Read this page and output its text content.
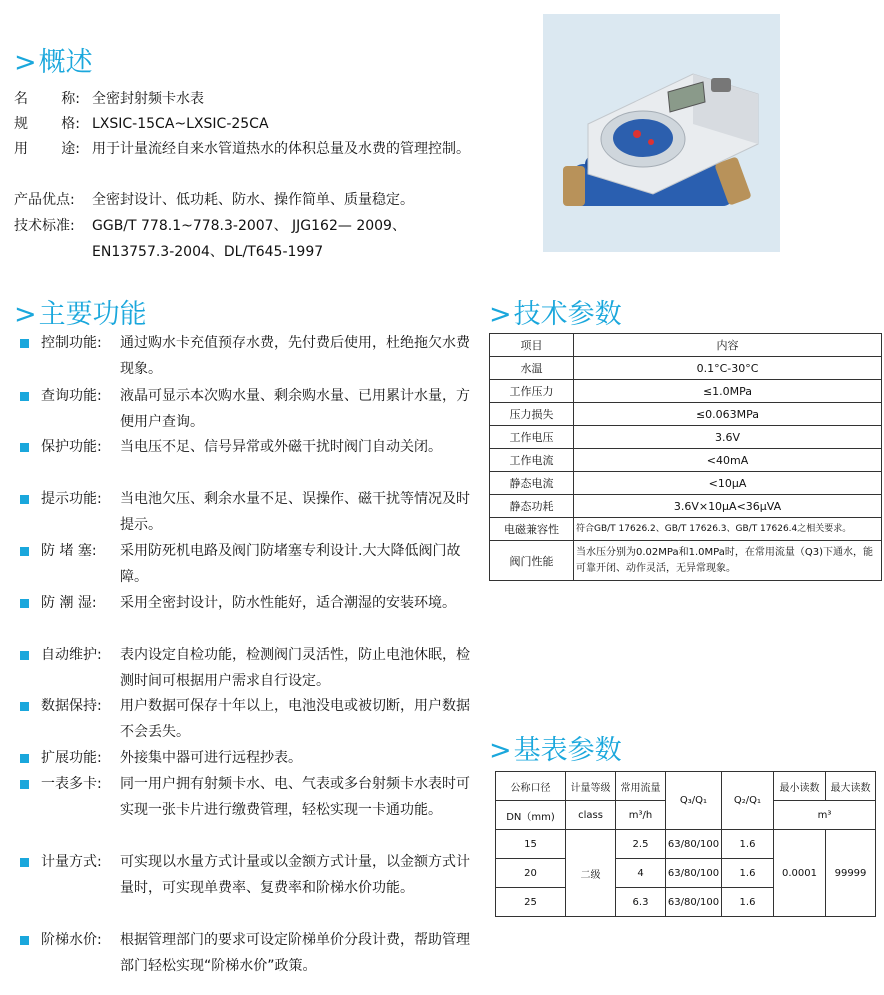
>概述
名 称: 全密封射频卡水表
规 格: LXSIC-15CA~LXSIC-25CA
用 途: 用于计量流经自来水管道热水的体积总量及水费的管理控制。
产品优点:	全密封设计、低功耗、防水、操作简单、质量稳定。
技术标准:	GGB/T 778.1~778.3-2007、 JJG162— 2009、EN13757.3-2004、DL/T645-1997
>主要功能
控制功能:	通过购水卡充值预存水费，先付费后使用，杜绝拖欠水费现象。
查询功能:	液晶可显示本次购水量、剩余购水量、已用累计水量，方便用户查询。
保护功能:	当电压不足、信号异常或外磁干扰时阀门自动关闭。
提示功能:	当电池欠压、剩余水量不足、误操作、磁干扰等情况及时提示。
防 堵 塞:	采用防死机电路及阀门防堵塞专利设计.大大降低阀门故障。
防 潮 湿:	采用全密封设计，防水性能好，适合潮湿的安装环境。
自动维护:	表内设定自检功能，检测阀门灵活性，防止电池休眠，检测时间可根据用户需求自行设定。
数据保持:	用户数据可保存十年以上，电池没电或被切断，用户数据不会丢失。
扩展功能:	外接集中器可进行远程抄表。
一表多卡:	同一用户拥有射频卡水、电、气表或多台射频卡水表时可实现一张卡片进行缴费管理，轻松实现一卡通功能。
计量方式:	可实现以水量方式计量或以金额方式计量，以金额方式计量时，可实现单费率、复费率和阶梯水价功能。
阶梯水价:	根据管理部门的要求可设定阶梯单价分段计费，帮助管理部门轻松实现“阶梯水价”政策。
>技术参数
项目	内容
水温	0.1°C-30°C
工作压力	≤1.0MPa
压力损失	≤0.063MPa
工作电压	3.6V
工作电流	<40mA
静态电流	<10μA
静态功耗	3.6V×10μA<36μVA
电磁兼容性	符合GB/T 17626.2、GB/T 17626.3、GB/T 17626.4之相关要求。
阀门性能	当水压分别为0.02MPa和1.0MPa时，在常用流量（Q3)下通水，能可靠开闭、动作灵活，无异常现象。
>基表参数
公称口径	计量等级	常用流量	Q₃/Q₁	Q₂/Q₁	最小读数	最大读数
DN（mm)	class	m³/h			m³	
15	二级	2.5	63/80/100	1.6	0.0001	99999
20		4	63/80/100	1.6		
25		6.3	63/80/100	1.6		
